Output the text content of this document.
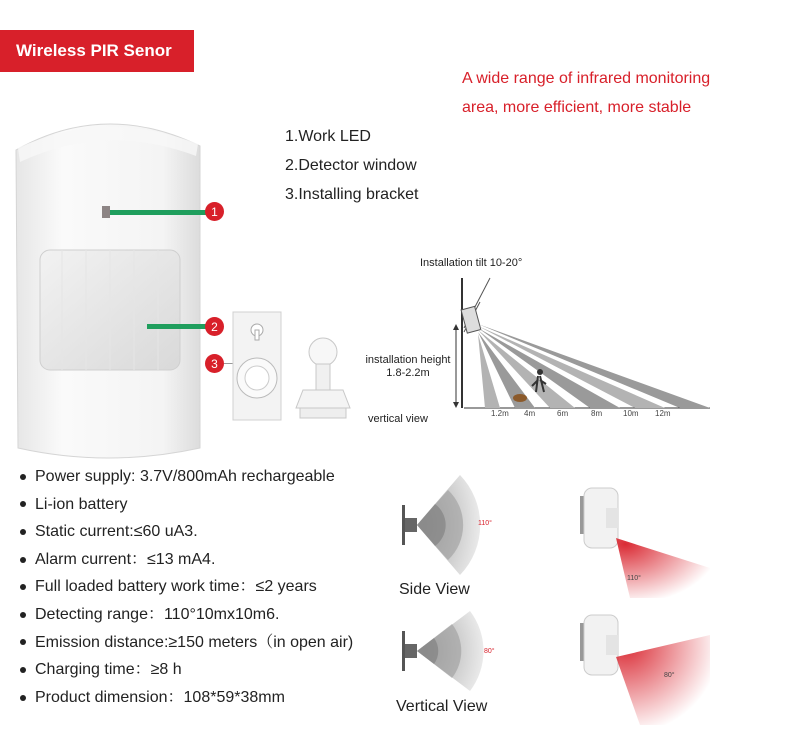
Wireless PIR Senor
A wide range of infrared monitoring
area, more efficient, more stable
1.Work LED
2.Detector window
3.Installing bracket
1
2
3
Installation tilt 10-20°
installation height
1.8-2.2m
vertical view	1.2m 4m	6m	8m	10m 12m
Power supply: 3.7V/800mAh rechargeable
Li-ion battery
Static current:≤60 uA3.
Alarm current：≤13 mA4.
Full loaded battery work time：≤2 years
Detecting range：110°10mx10m6.
Emission distance:≥150 meters（in open air)
Charging time：≥8 h
Product dimension：108*59*38mm
110°
Side View
80°
Vertical View
110°
80°
